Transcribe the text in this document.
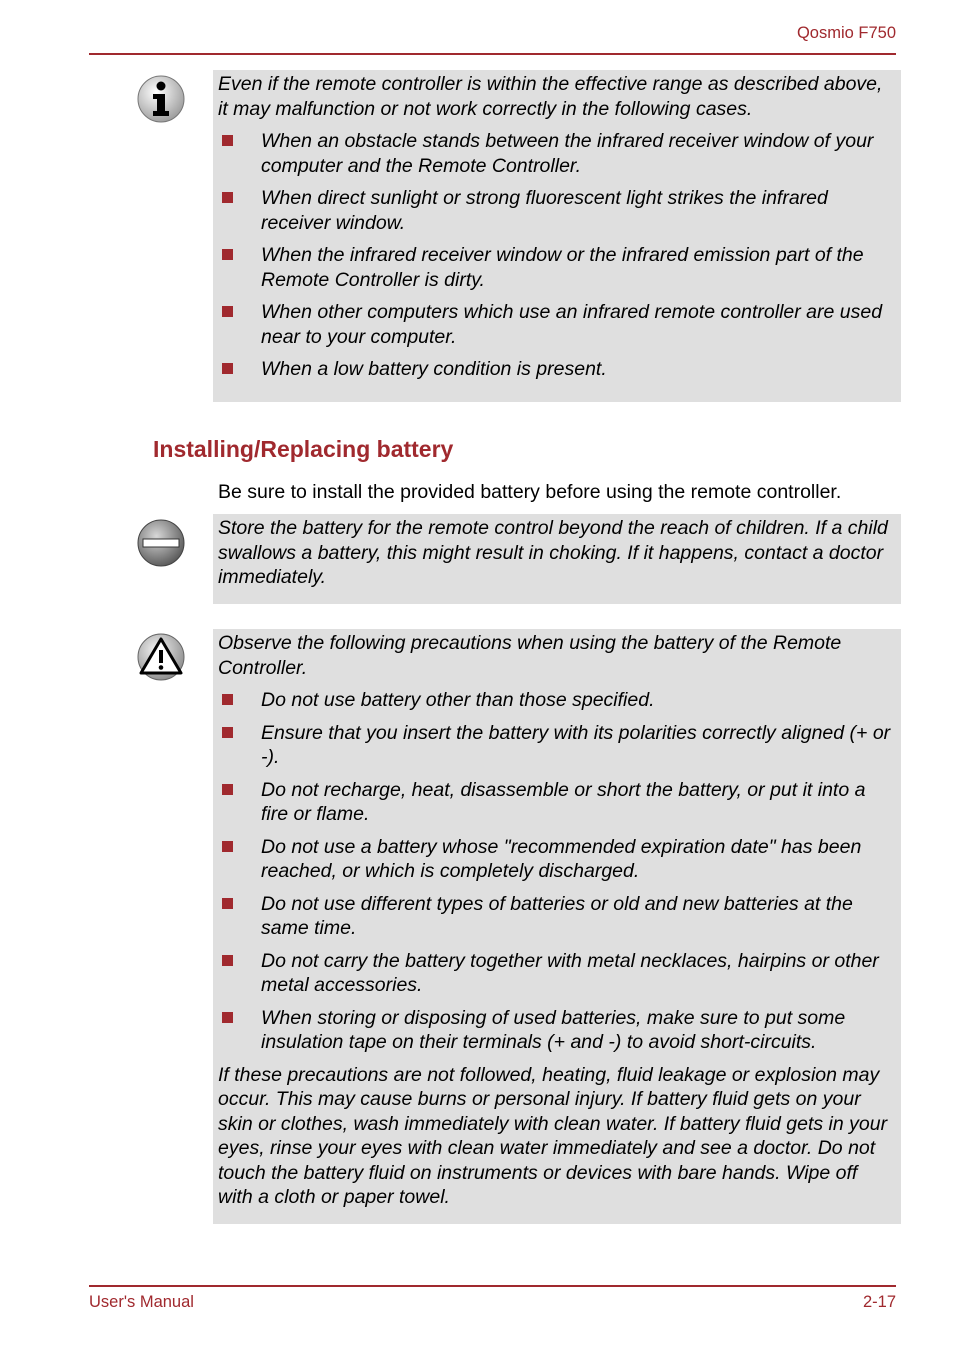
Qosmio F750

Even if the remote controller is within the effective range as described above, it may malfunction or not work correctly in the following cases.

When an obstacle stands between the infrared receiver window of your computer and the Remote Controller.
When direct sunlight or strong fluorescent light strikes the infrared receiver window.
When the infrared receiver window or the infrared emission part of the Remote Controller is dirty.
When other computers which use an infrared remote controller are used near to your computer.
When a low battery condition is present.
Installing/Replacing battery

Be sure to install the provided battery before using the remote controller.

Store the battery for the remote control beyond the reach of children. If a child swallows a battery, this might result in choking. If it happens, contact a doctor immediately.

Observe the following precautions when using the battery of the Remote Controller.

Do not use battery other than those specified.
Ensure that you insert the battery with its polarities correctly aligned (+ or -).
Do not recharge, heat, disassemble or short the battery, or put it into a fire or flame.
Do not use a battery whose "recommended expiration date" has been reached, or which is completely discharged.
Do not use different types of batteries or old and new batteries at the same time.
Do not carry the battery together with metal necklaces, hairpins or other metal accessories.
When storing or disposing of used batteries, make sure to put some insulation tape on their terminals (+ and -) to avoid short-circuits.

If these precautions are not followed, heating, fluid leakage or explosion may occur. This may cause burns or personal injury. If battery fluid gets on your skin or clothes, wash immediately with clean water. If battery fluid gets in your eyes, rinse your eyes with clean water immediately and see a doctor. Do not touch the battery fluid on instruments or devices with bare hands. Wipe off with a cloth or paper towel.

User's Manual	2-17
